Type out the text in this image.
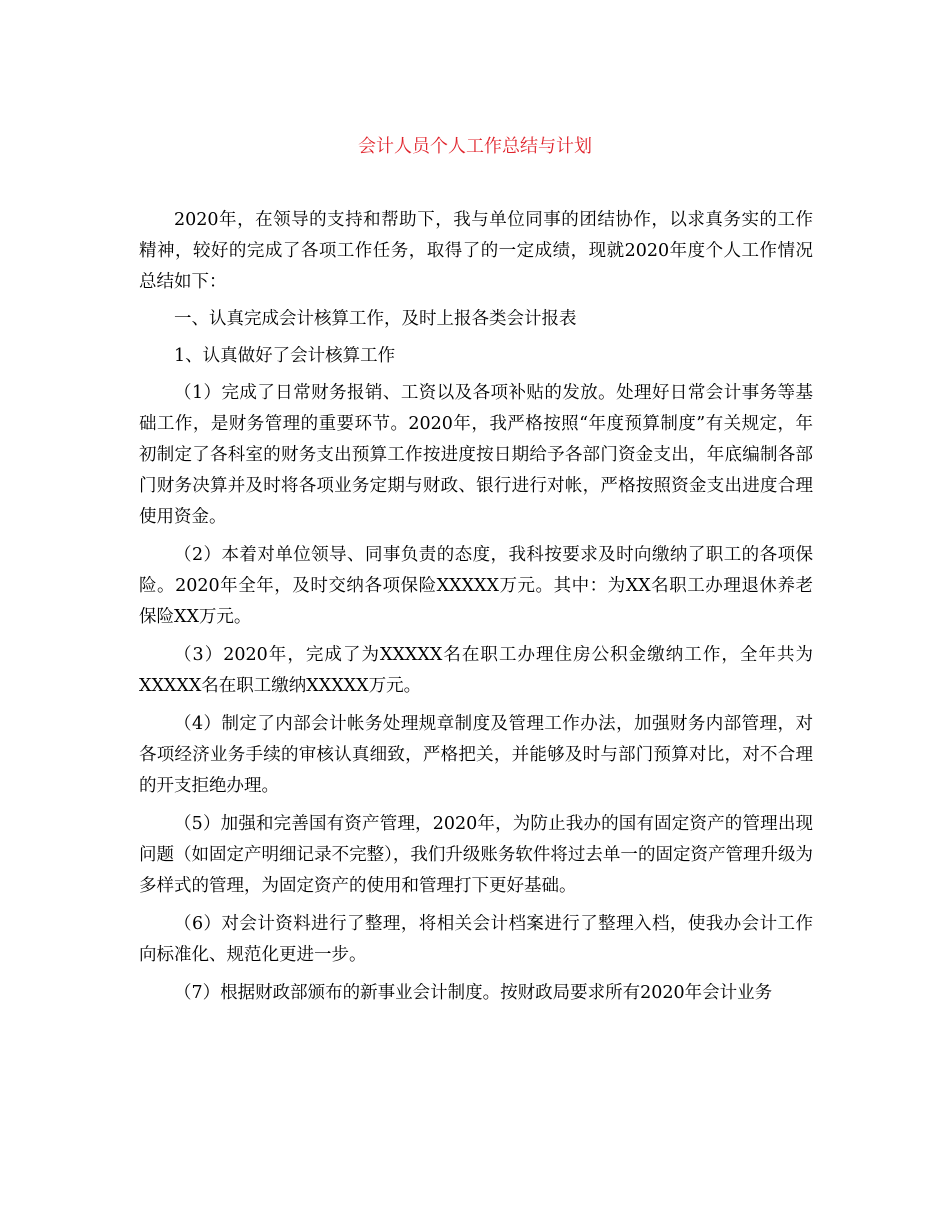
会计人员个人工作总结与计划

2020年，在领导的支持和帮助下，我与单位同事的团结协作，以求真务实的工作精神，较好的完成了各项工作任务，取得了的一定成绩，现就2020年度个人工作情况总结如下：

一、认真完成会计核算工作，及时上报各类会计报表

1、认真做好了会计核算工作

（1）完成了日常财务报销、工资以及各项补贴的发放。处理好日常会计事务等基础工作，是财务管理的重要环节。2020年，我严格按照“年度预算制度”有关规定，年初制定了各科室的财务支出预算工作按进度按日期给予各部门资金支出，年底编制各部门财务决算并及时将各项业务定期与财政、银行进行对帐，严格按照资金支出进度合理使用资金。

（2）本着对单位领导、同事负责的态度，我科按要求及时向缴纳了职工的各项保险。2020年全年，及时交纳各项保险XXXXX万元。其中：为XX名职工办理退休养老保险XX万元。

（3）2020年，完成了为XXXXX名在职工办理住房公积金缴纳工作，全年共为XXXXX名在职工缴纳XXXXX万元。

（4）制定了内部会计帐务处理规章制度及管理工作办法，加强财务内部管理，对各项经济业务手续的审核认真细致，严格把关，并能够及时与部门预算对比，对不合理的开支拒绝办理。

（5）加强和完善国有资产管理，2020年，为防止我办的国有固定资产的管理出现问题（如固定产明细记录不完整），我们升级账务软件将过去单一的固定资产管理升级为多样式的管理，为固定资产的使用和管理打下更好基础。

（6）对会计资料进行了整理，将相关会计档案进行了整理入档，使我办会计工作向标准化、规范化更进一步。

（7）根据财政部颁布的新事业会计制度。按财政局要求所有2020年会计业务
